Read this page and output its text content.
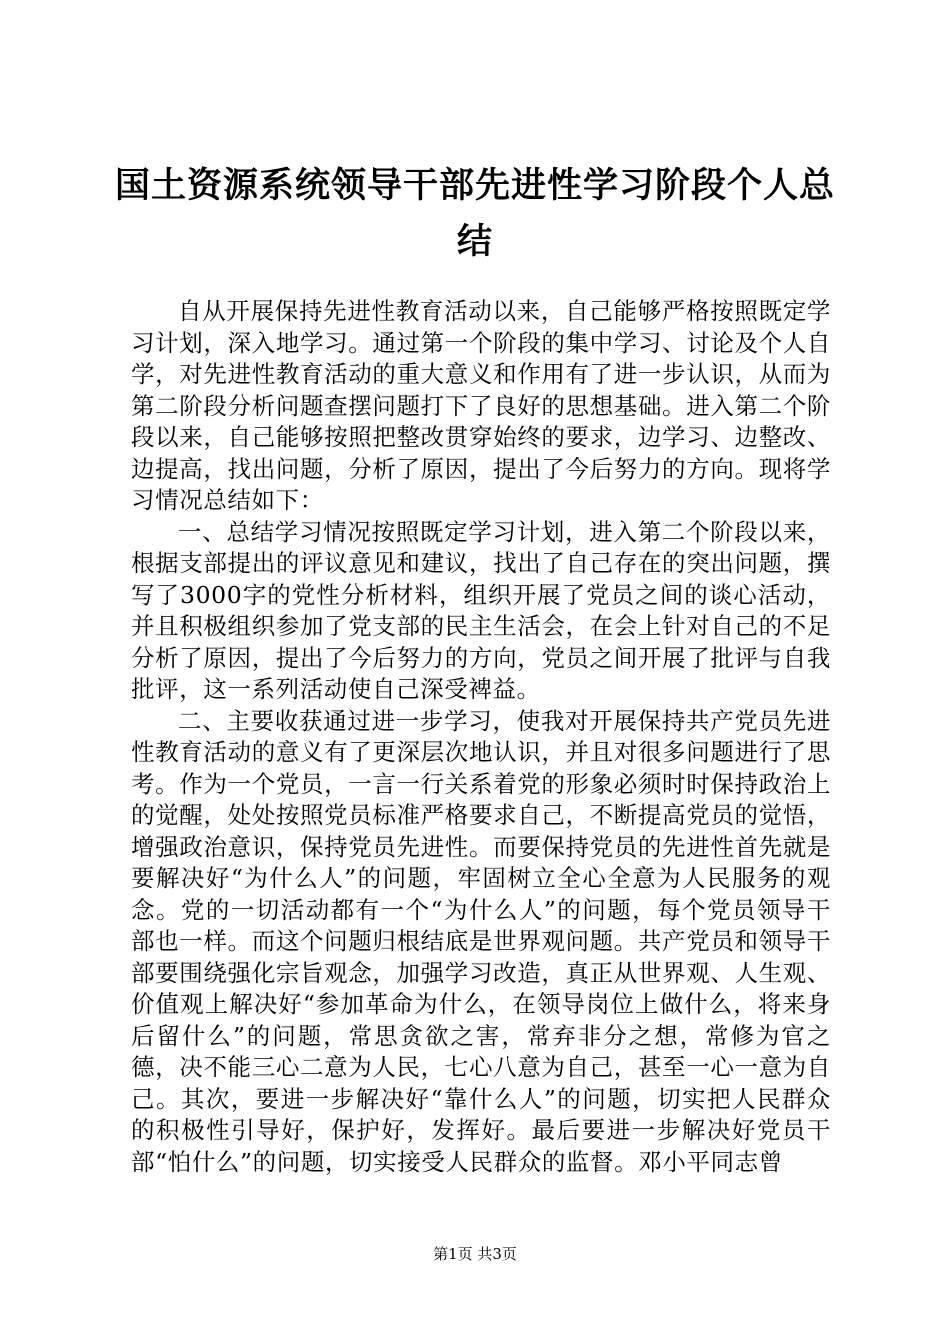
国土资源系统领导干部先进性学习阶段个人总结

自从开展保持先进性教育活动以来，自己能够严格按照既定学习计划，深入地学习。通过第一个阶段的集中学习、讨论及个人自学，对先进性教育活动的重大意义和作用有了进一步认识，从而为第二阶段分析问题查摆问题打下了良好的思想基础。进入第二个阶段以来，自己能够按照把整改贯穿始终的要求，边学习、边整改、边提高，找出问题，分析了原因，提出了今后努力的方向。现将学习情况总结如下：

一、总结学习情况按照既定学习计划，进入第二个阶段以来，根据支部提出的评议意见和建议，找出了自己存在的突出问题，撰写了3000字的党性分析材料，组织开展了党员之间的谈心活动，并且积极组织参加了党支部的民主生活会，在会上针对自己的不足分析了原因，提出了今后努力的方向，党员之间开展了批评与自我批评，这一系列活动使自己深受裨益。

二、主要收获通过进一步学习，使我对开展保持共产党员先进性教育活动的意义有了更深层次地认识，并且对很多问题进行了思考。作为一个党员，一言一行关系着党的形象必须时时保持政治上的觉醒，处处按照党员标准严格要求自己，不断提高党员的觉悟，增强政治意识，保持党员先进性。而要保持党员的先进性首先就是要解决好“为什么人”的问题，牢固树立全心全意为人民服务的观念。党的一切活动都有一个“为什么人”的问题，每个党员领导干部也一样。而这个问题归根结底是世界观问题。共产党员和领导干部要围绕强化宗旨观念，加强学习改造，真正从世界观、人生观、价值观上解决好“参加革命为什么，在领导岗位上做什么，将来身后留什么”的问题，常思贪欲之害，常弃非分之想，常修为官之德，决不能三心二意为人民，七心八意为自己，甚至一心一意为自己。其次，要进一步解决好“靠什么人”的问题，切实把人民群众的积极性引导好，保护好，发挥好。最后要进一步解决好党员干部“怕什么”的问题，切实接受人民群众的监督。邓小平同志曾

第1页 共3页
